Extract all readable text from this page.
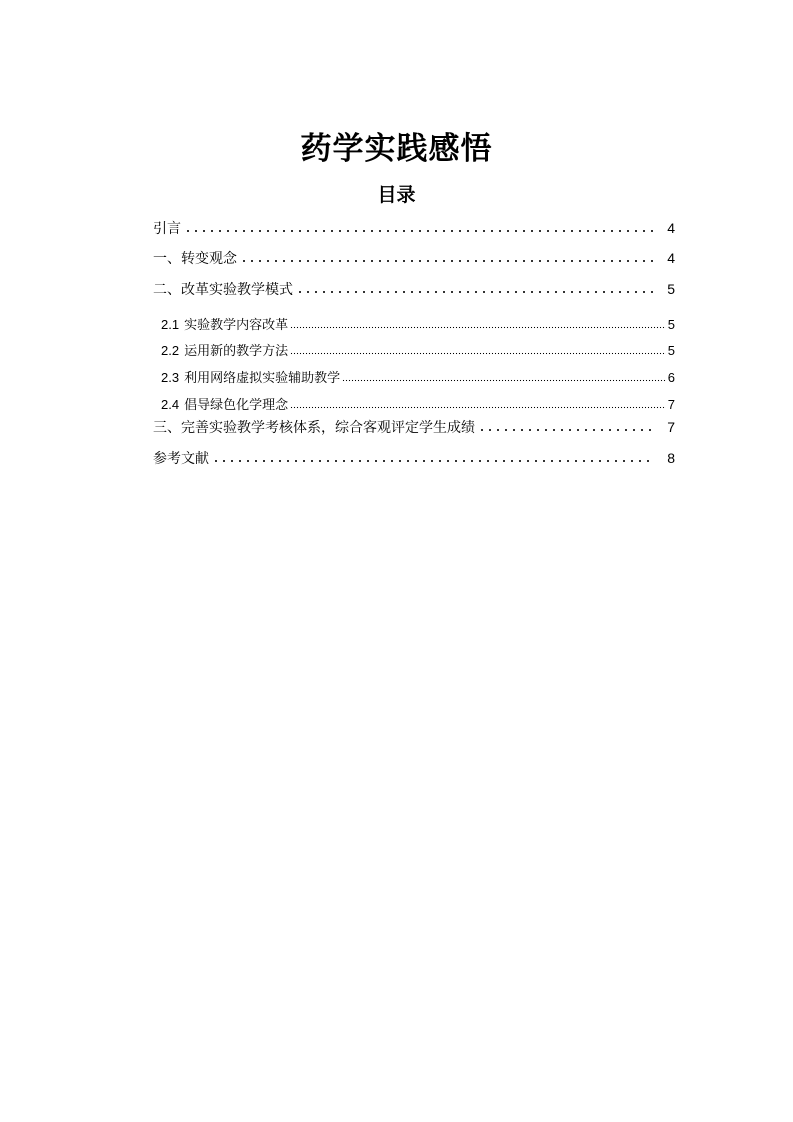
药学实践感悟
目录
引言	4
一、转变观念	4
二、改革实验教学模式	5
2.1 实验教学内容改革	5
2.2 运用新的教学方法	5
2.3 利用网络虚拟实验辅助教学	6
2.4 倡导绿色化学理念	7
三、完善实验教学考核体系，综合客观评定学生成绩	7
参考文献	8
